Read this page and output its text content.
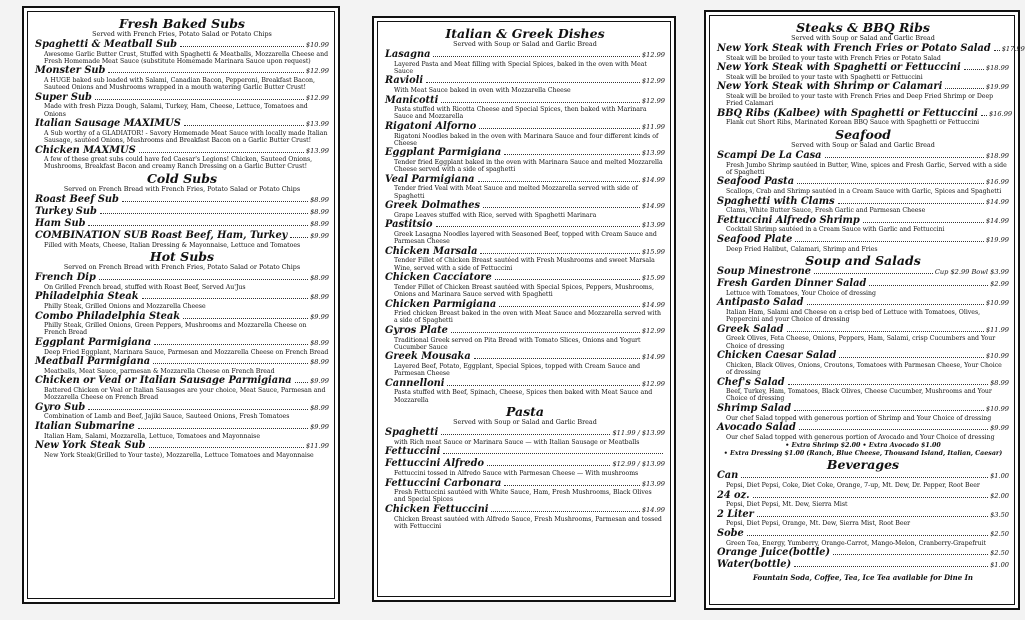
Fresh Baked Subs
Served with French Fries, Potato Salad or Potato Chips
Spaghetti & Meatball Sub	$10.99
Awesome Garlic Butter Crust, Stuffed with Spaghetti & Meatballs, Mozzarella Cheese and Fresh Homemade Meat Sauce (substitute Homemade Marinara Sauce upon request)
Monster Sub	$12.99
A HUGE baked sub loaded with Salami, Canadian Bacon, Pepperoni, Breakfast Bacon, Sauteed Onions and Mushrooms wrapped in a mouth watering Garlic Butter Crust!
Super Sub	$12.99
Made with fresh Pizza Dough, Salami, Turkey, Ham, Cheese, Lettuce, Tomatoes and Onions
Italian Sausage MAXIMUS	$13.99
A Sub worthy of a GLADIATOR! - Savory Homemade Meat Sauce with locally made Italian Sausage, sautéed Onions, Mushrooms and Breakfast Bacon on a Garlic Butter Crust!
Chicken MAXMUS	$13.99
A few of these great subs could have fed Caesar's Legions! Chicken, Sauteed Onions, Mushrooms, Breakfast Bacon and creamy Ranch Dressing on a Garlic Butter Crust!
Cold Subs
Served on French Bread with French Fries, Potato Salad or Potato Chips
Roast Beef Sub	$8.99
Turkey Sub	$8.99
Ham Sub	$8.99
COMBINATION SUB Roast Beef, Ham, Turkey	$9.99
Filled with Meats, Cheese, Italian Dressing & Mayonnaise, Lettuce and Tomatoes
Hot Subs
Served on French Bread with French Fries, Potato Salad or Potato Chips
French Dip	$8.99
On Grilled French bread, stuffed with Roast Beef, Served Au'Jus
Philadelphia Steak	$8.99
Philly Steak, Grilled Onions and Mozzarella Cheese
Combo Philadelphia Steak	$9.99
Philly Steak, Grilled Onions, Green Peppers, Mushrooms and Mozzarella Cheese on French Bread
Eggplant Parmigiana	$8.99
Deep Fried Eggplant, Marinara Sauce, Parmesan and Mozzarella Cheese on French Bread
Meatball Parmigiana	$8.99
Meatballs, Meat Sauce, parmesan & Mozzarella Cheese on French Bread
Chicken or Veal or Italian Sausage Parmigiana	$9.99
Battered Chicken or Veal or Italian Sausages are your choice, Meat Sauce, Parmesan and Mozzarella Cheese on French Bread
Gyro Sub	$8.99
Combination of Lamb and Beef, Jajiki Sauce, Sauteed Onions, Fresh Tomatoes
Italian Submarine	$9.99
Italian Ham, Salami, Mozzarella, Lettuce, Tomatoes and Mayonnaise
New York Steak Sub	$11.99
New York Steak(Grilled to Your taste), Mozzarella, Lettuce Tomatoes and Mayonnaise
Italian & Greek Dishes
Served with Soup or Salad and Garlic Bread
Lasagna	$12.99
Layered Pasta and Meat filling with Special Spices, baked in the oven with Meat Sauce
Ravioli	$12.99
With Meat Sauce baked in oven with Mozzarella Cheese
Manicotti	$12.99
Pasta stuffed with Ricotta Cheese and Special Spices, then baked with Marinara Sauce and Mozzarella
Rigatoni Alforno	$11.99
Rigatoni Noodles baked in the oven with Marinara Sauce and four different kinds of Cheese
Eggplant Parmigiana	$13.99
Tender fried Eggplant baked in the oven with Marinara Sauce and melted Mozzarella Cheese served with a side of spaghetti
Veal Parmigiana	$14.99
Tender fried Veal with Meat Sauce and melted Mozzarella served with side of Spaghetti
Greek Dolmathes	$14.99
Grape Leaves stuffed with Rice, served with Spaghetti Marinara
Pastitsio	$13.99
Greek Lasagna Noodles layered with Seasoned Beef, topped with Cream Sauce and Parmesan Cheese
Chicken Marsala	$15.99
Tender Fillet of Chicken Breast sautéed with Fresh Mushrooms and sweet Marsala Wine, served with a side of Fettuccini
Chicken Cacciatore	$15.99
Tender Fillet of Chicken Breast sautéed with Special Spices, Peppers, Mushrooms, Onions and Marinara Sauce served with Spaghetti
Chicken Parmigiana	$14.99
Fried chicken Breast baked in the oven with Meat Sauce and Mozzarella served with a side of Spaghetti
Gyros Plate	$12.99
Traditional Greek served on Pita Bread with Tomato Slices, Onions and Yogurt Cucumber Sauce
Greek Mousaka	$14.99
Layered Beef, Potato, Eggplant, Special Spices, topped with Cream Sauce and Parmesan Cheese
Cannelloni	$12.99
Pasta stuffed with Beef, Spinach, Cheese, Spices then baked with Meat Sauce and Mozzarella
Pasta
Served with Soup or Salad and Garlic Bread
Spaghetti	$11.99 / $13.99
with Rich meat Sauce or Marinara Sauce — with Italian Sausage or Meatballs
Fettuccini
Fettuccini Alfredo	$12.99 / $13.99
Fettuccini tossed in Alfredo Sauce with Parmesan Cheese — With mushrooms
Fettuccini Carbonara	$13.99
Fresh Fettuccini sautéed with White Sauce, Ham, Fresh Mushrooms, Black Olives and Special Spices
Chicken Fettuccini	$14.99
Chicken Breast sautéed with Alfredo Sauce, Fresh Mushrooms, Parmesan and tossed with Fettuccini
Steaks & BBQ Ribs
Served with Soup or Salad and Garlic Bread
New York Steak with French Fries or Potato Salad $17.99
Steak will be broiled to your taste with French Fries or Potato Salad
New York Steak with Spaghetti or Fettuccini	$18.99
Steak will be broiled to your taste with Spaghetti or Fettuccini
New York Steak with Shrimp or Calamari	$19.99
Steak will be broiled to your taste with French Fries and Deep Fried Shrimp or Deep Fried Calamari
BBQ Ribs (Kalbee) with Spaghetti or Fettuccini $16.99
Flank cut Short Ribs, Marinated Korean BBQ Sauce with Spaghetti or Fettuccini
Seafood
Served with Soup or Salad and Garlic Bread
Scampi De La Casa	$18.99
Fresh Jumbo Shrimp sautéed in Butter, Wine, spices and Fresh Garlic, Served with a side of Spaghetti
Seafood Pasta	$16.99
Scallops, Crab and Shrimp sautéed in a Cream Sauce with Garlic, Spices and Spaghetti
Spaghetti with Clams	$14.99
Clams, White Butter Sauce, Fresh Garlic and Parmesan Cheese
Fettuccini Alfredo Shrimp	$14.99
Cocktail Shrimp sautéed in a Cream Sauce with Garlic and Fettuccini
Seafood Plate	$19.99
Deep Fried Halibut, Calamari, Shrimp and Fries
Soup and Salads
Soup Minestrone	Cup $2.99 Bowl $3.99
Fresh Garden Dinner Salad	$2.99
Lettuce with Tomatoes, Your Choice of dressing
Antipasto Salad	$10.99
Italian Ham, Salami and Cheese on a crisp bed of Lettuce with Tomatoes, Olives, Peppercini and your Choice of dressing
Greek Salad	$11.99
Greek Olives, Feta Cheese, Onions, Peppers, Ham, Salami, crisp Cucumbers and Your Choice of dressing
Chicken Caesar Salad	$10.99
Chicken, Black Olives, Onions, Croutons, Tomatoes with Parmesan Cheese, Your Choice of dressing
Chef's Salad	$8.99
Beef, Turkey, Ham, Tomatoes, Black Olives, Cheese Cucumber, Mushrooms and Your Choice of dressing
Shrimp Salad	$10.99
Our chef Salad topped with generous portion of Shrimp and Your Choice of dressing
Avocado Salad	$9.99
Our chef Salad topped with generous portion of Avocado and Your Choice of dressing
• Extra Shrimp $2.00 • Extra Avocado $1.00
• Extra Dressing $1.00 (Ranch, Blue Cheese, Thousand Island, Italian, Caesar)
Beverages
Can	$1.00
Pepsi, Diet Pepsi, Coke, Diet Coke, Orange, 7-up, Mt. Dew, Dr. Pepper, Root Beer
24 oz.	$2.00
Pepsi, Diet Pepsi, Mt. Dew, Sierra Mist
2 Liter	$3.50
Pepsi, Diet Pepsi, Orange, Mt. Dew, Sierra Mist, Root Beer
Sobe	$2.50
Green Tea, Energy, Yumberry, Orange-Carrot, Mango-Melon, Cranberry-Grapefruit
Orange Juice(bottle)	$2.50
Water(bottle)	$1.00
Fountain Soda, Coffee, Tea, Ice Tea available for Dine In
